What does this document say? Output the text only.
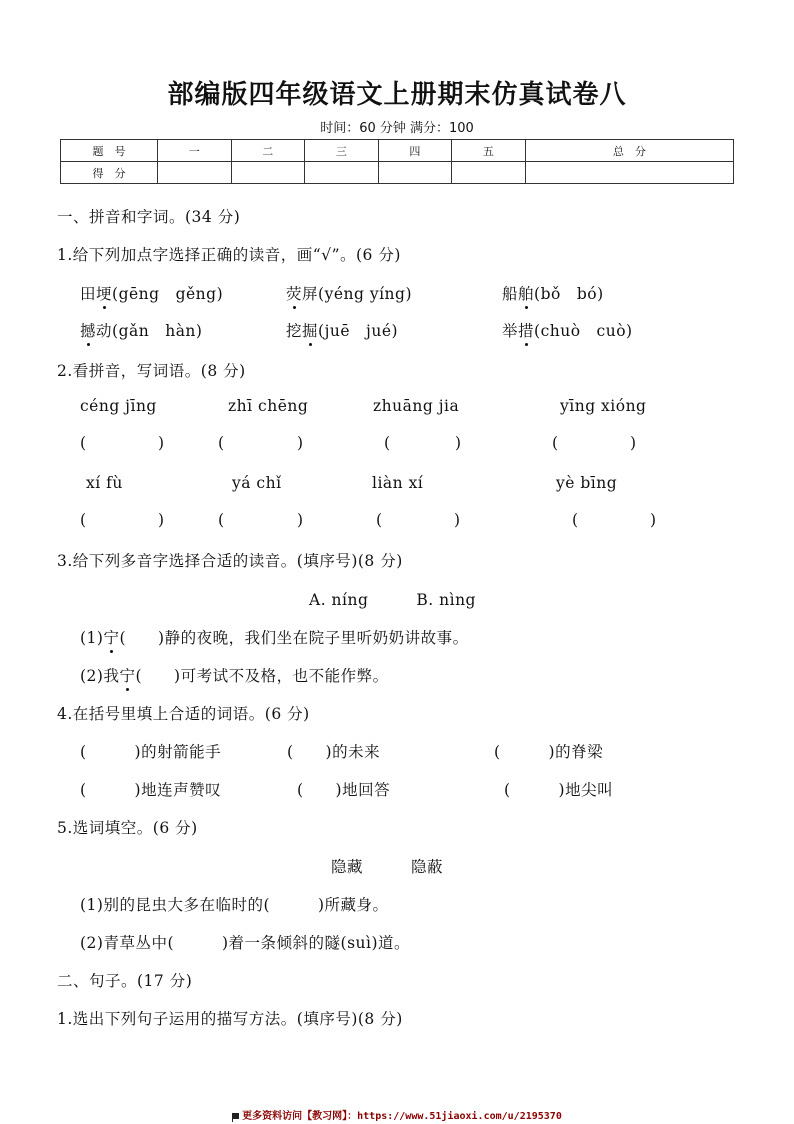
部编版四年级语文上册期末仿真试卷八
时间：60 分钟 满分：100
题　号	一	二	三	四	五	总　分
得　分						
一、拼音和字词。(34 分)
1.给下列加点字选择正确的读音，画“√”。(6 分)
田埂(gēng　gěng)	荧屏(yéng yíng)	船舶(bǒ　bó)
撼动(gǎn　hàn)	挖掘(juē　jué)	举措(chuò　cuò)
2.看拼音，写词语。(8 分)
céng jīng	zhī chēng	zhuāng jia	yīng xióng
(	)	(	)	(	)	(	)
xí fù	yá chǐ	liàn xí	yè bīng
(	)	(	)	(	)	(	)
3.给下列多音字选择合适的读音。(填序号)(8 分)
A. níng　　　B. nìng
(1)宁(　　)静的夜晚，我们坐在院子里听奶奶讲故事。
(2)我宁(　　)可考试不及格，也不能作弊。
4.在括号里填上合适的词语。(6 分)
(　　　)的射箭能手	(　　)的未来	(　　　)的脊梁
(　　　)地连声赞叹	(　　)地回答	(　　　)地尖叫
5.选词填空。(6 分)
隐藏　　　隐蔽
(1)别的昆虫大多在临时的(　　　)所藏身。
(2)青草丛中(　　　)着一条倾斜的隧(suì)道。
二、句子。(17 分)
1.选出下列句子运用的描写方法。(填序号)(8 分)
更多资料访问【教习网】：https://www.51jiaoxi.com/u/2195370
